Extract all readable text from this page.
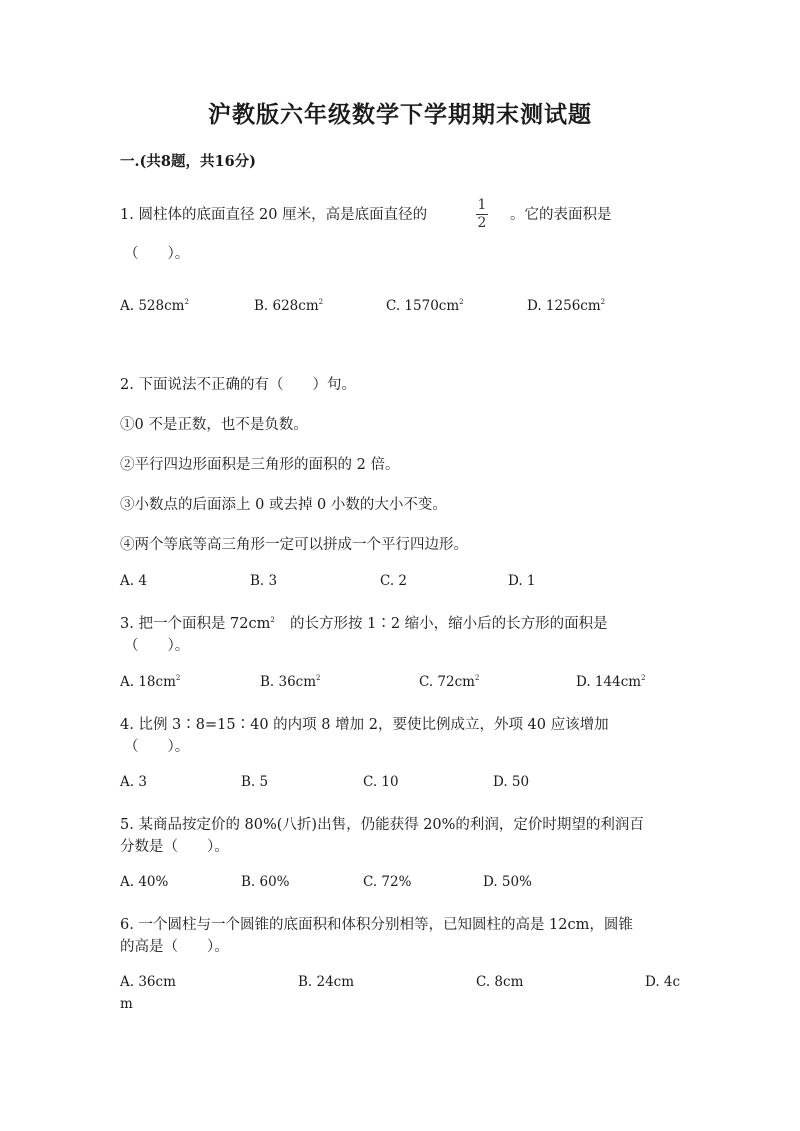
沪教版六年级数学下学期期末测试题
一.(共8题，共16分)
1. 圆柱体的底面直径 20 厘米，高是底面直径的
1
2 。它的表面积是
（　　）。
A. $528cm^2$	B. $628cm^2$	C. $1570cm^2$	D. $1256cm^2$
2. 下面说法不正确的有（　　）句。
①0 不是正数，也不是负数。
②平行四边形面积是三角形的面积的 2 倍。
③小数点的后面添上 0 或去掉 0 小数的大小不变。
④两个等底等高三角形一定可以拼成一个平行四边形。
A. 4	B. 3	C. 2	D. 1
3. 把一个面积是 $72cm^2$ 的长方形按 1∶2 缩小，缩小后的长方形的面积是
（　　）。
A. $18cm^2$	B. $36cm^2$	C. $72cm^2$	D. $144cm^2$
4. 比例 3∶8=15∶40 的内项 8 增加 2，要使比例成立，外项 40 应该增加
（　　）。
A. 3	B. 5	C. 10	D. 50
5. 某商品按定价的 80%(八折)出售，仍能获得 20%的利润，定价时期望的利润百
分数是（　　）。
A. 40%	B. 60%	C. 72%	D. 50%
6. 一个圆柱与一个圆锥的底面积和体积分别相等，已知圆柱的高是 12cm，圆锥
的高是（　　）。
A. 36cm	B. 24cm	C. 8cm	D. 4c
m
